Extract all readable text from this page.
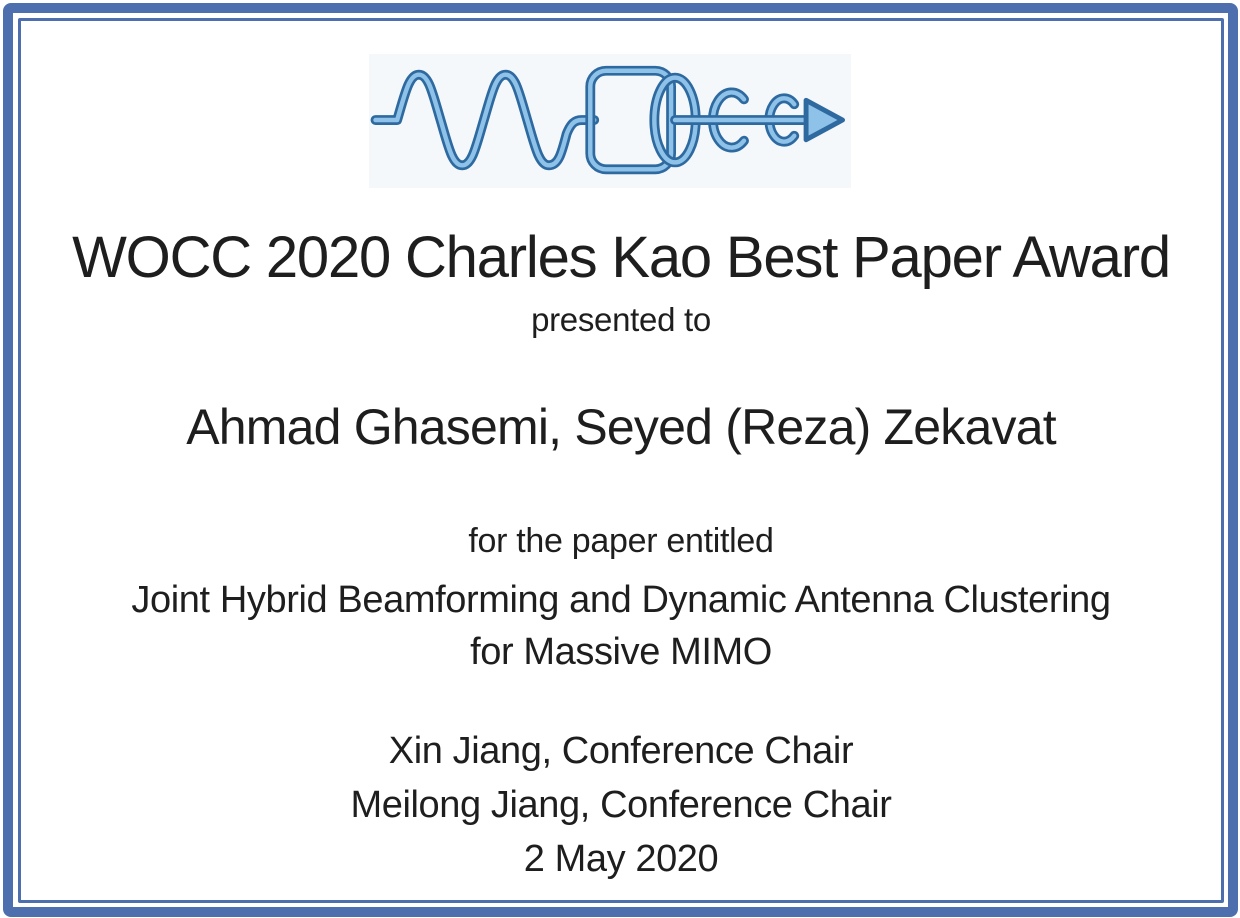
WOCC 2020 Charles Kao Best Paper Award
presented to
Ahmad Ghasemi, Seyed (Reza) Zekavat
for the paper entitled
Joint Hybrid Beamforming and Dynamic Antenna Clustering
for Massive MIMO
Xin Jiang, Conference Chair
Meilong Jiang, Conference Chair
2 May 2020
